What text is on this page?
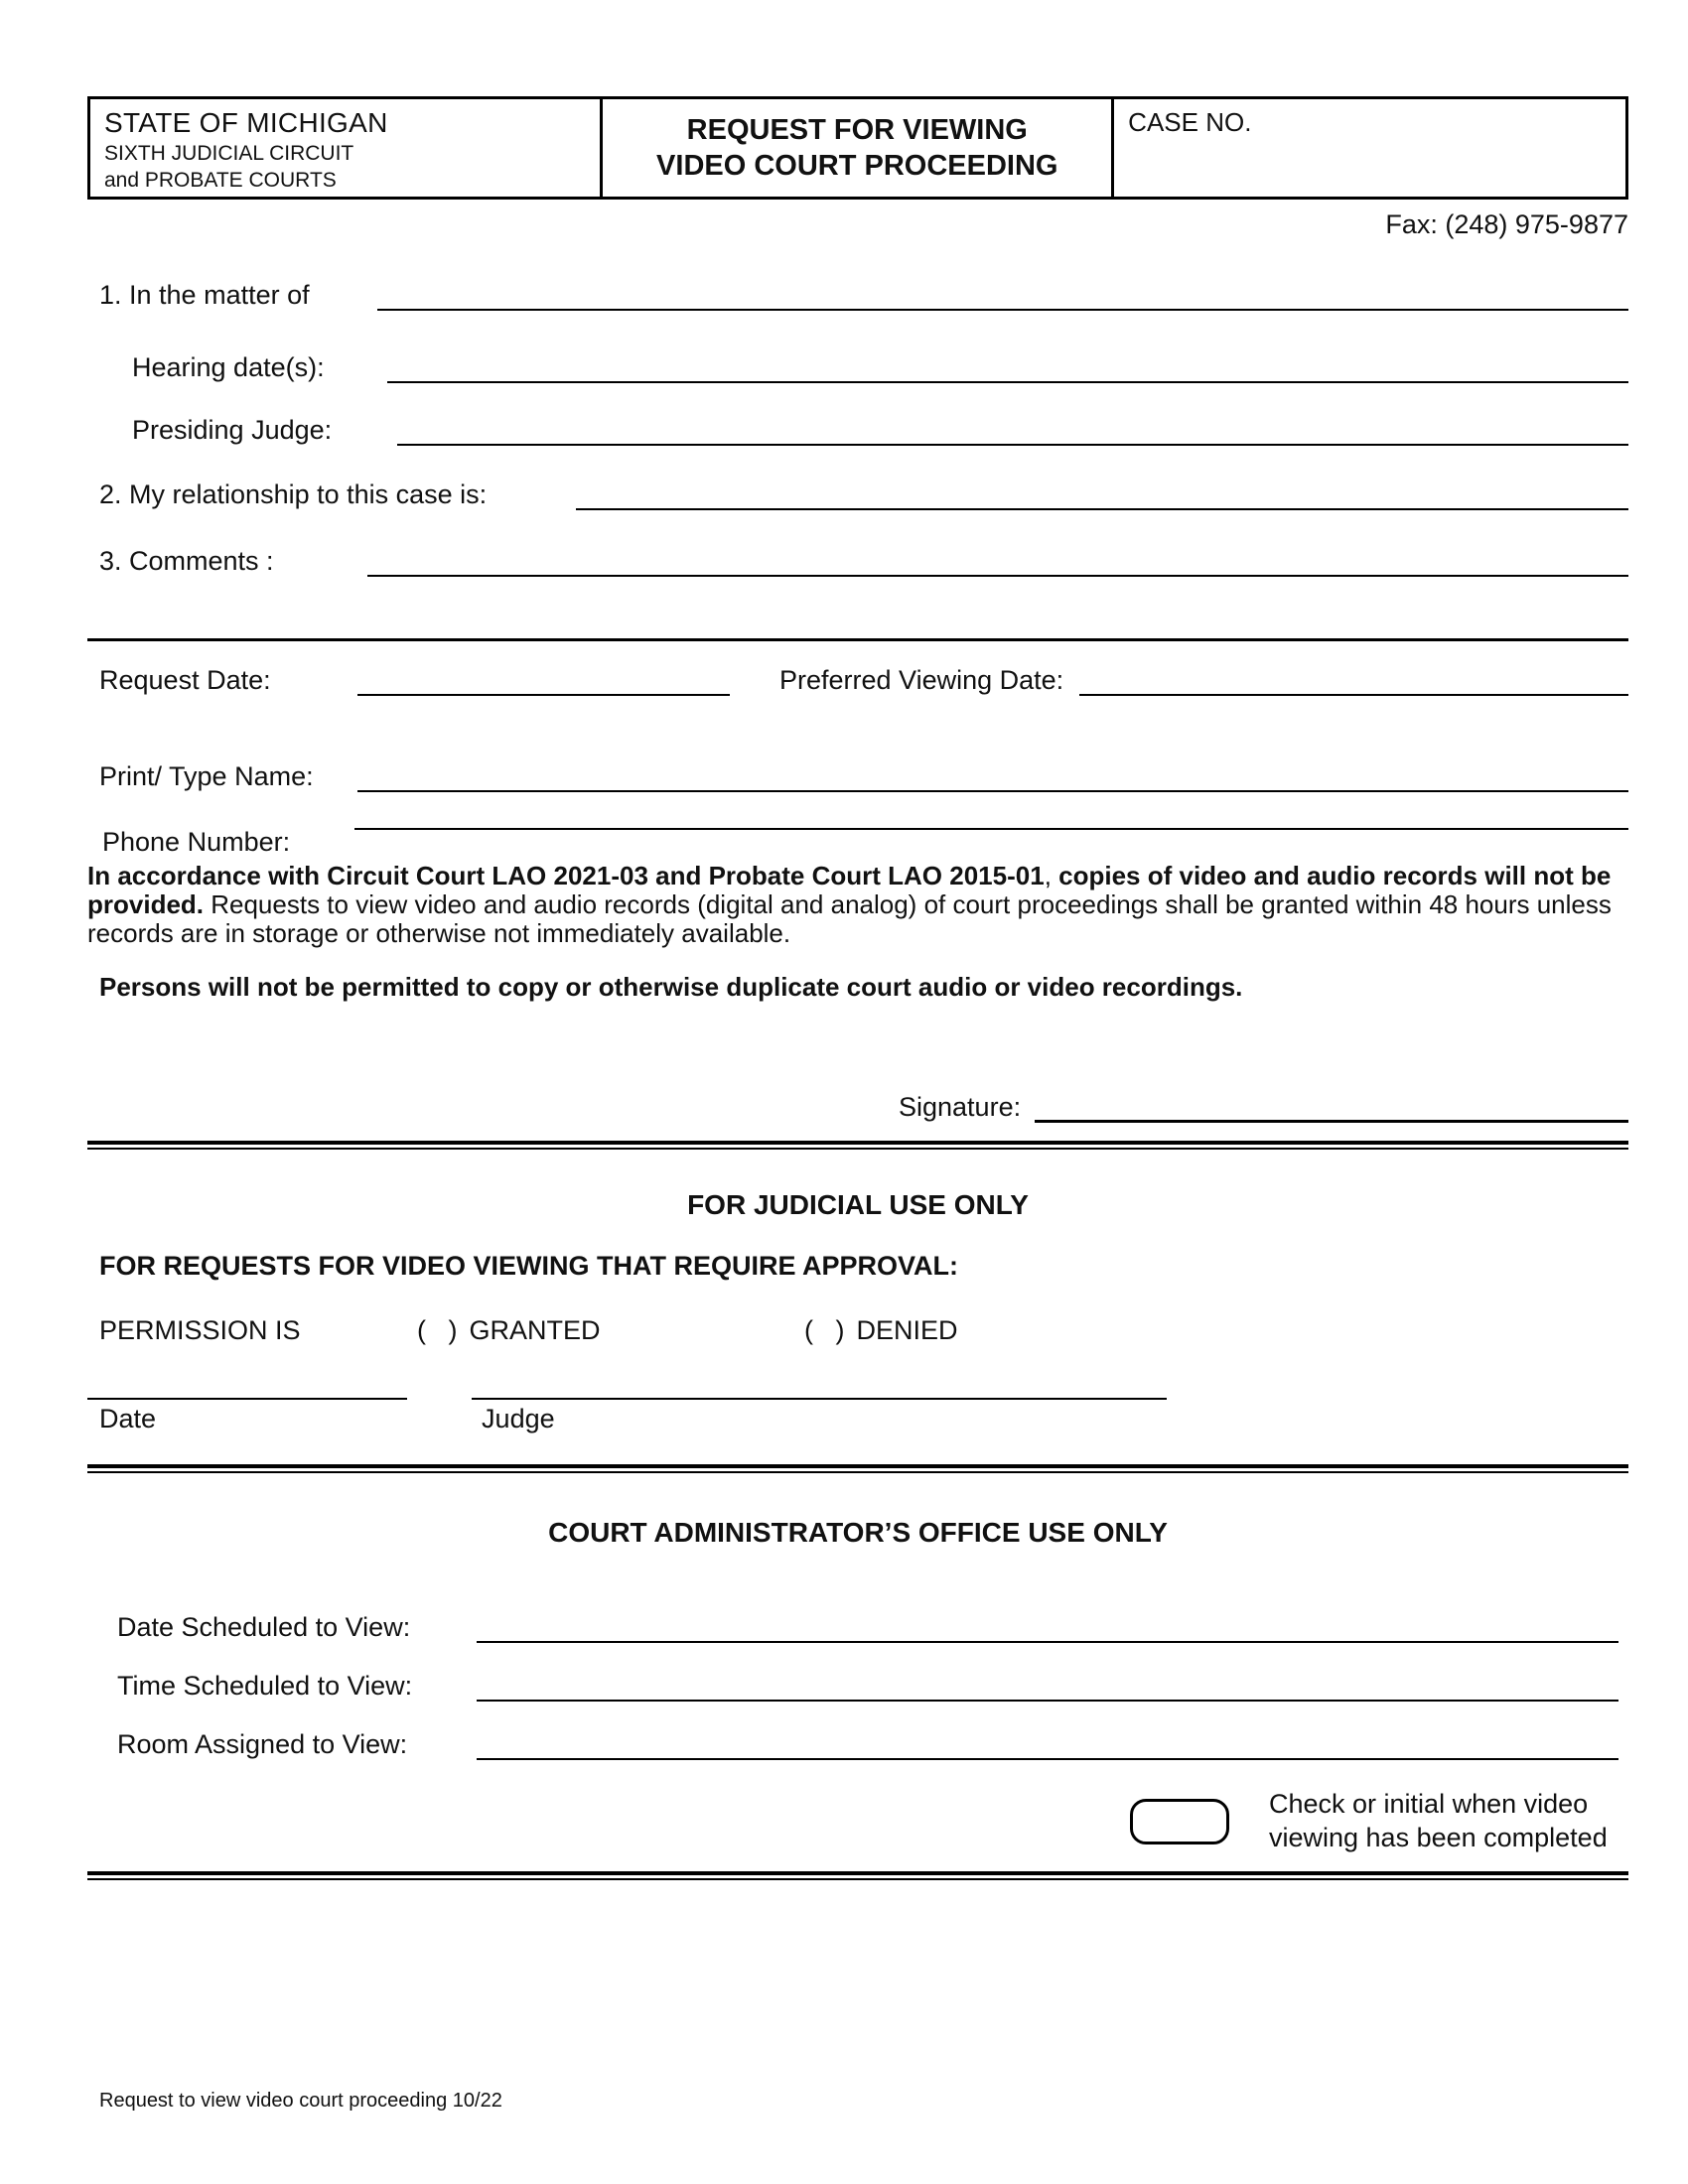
STATE OF MICHIGAN
SIXTH JUDICIAL CIRCUIT
and PROBATE COURTS
REQUEST FOR VIEWING
VIDEO COURT PROCEEDING
CASE NO.
Fax: (248) 975-9877
1. In the matter of
Hearing date(s):
Presiding Judge:
2. My relationship to this case is:
3. Comments :
Request Date:	Preferred Viewing Date:
Print/ Type Name:
Phone Number:

In accordance with Circuit Court LAO 2021-03 and Probate Court LAO 2015-01, copies of video and audio records will not be provided. Requests to view video and audio records (digital and analog) of court proceedings shall be granted within 48 hours unless records are in storage or otherwise not immediately available.

Persons will not be permitted to copy or otherwise duplicate court audio or video recordings.
Signature:
FOR JUDICIAL USE ONLY
FOR REQUESTS FOR VIDEO VIEWING THAT REQUIRE APPROVAL:
PERMISSION IS	(   ) GRANTED	(   ) DENIED
Date	Judge
COURT ADMINISTRATOR’S OFFICE USE ONLY
Date Scheduled to View:
Time Scheduled to View:
Room Assigned to View:
Check or initial when video
viewing has been completed
Request to view video court proceeding 10/22
